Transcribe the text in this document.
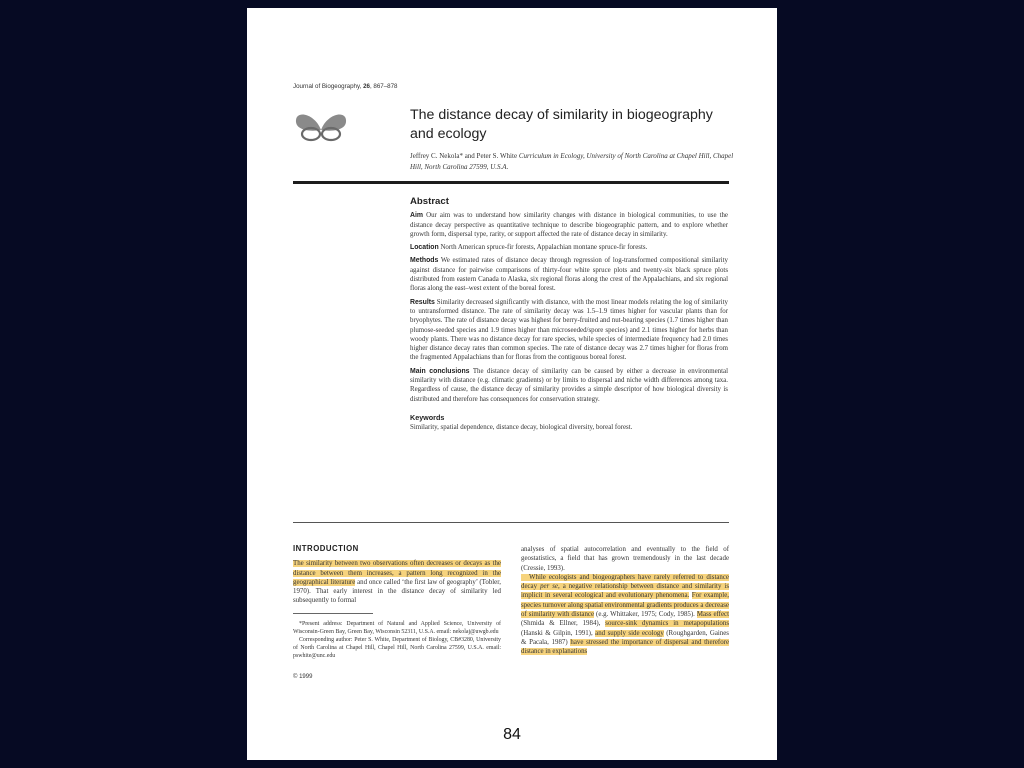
Journal of Biogeography, 26, 867–878
The distance decay of similarity in biogeography and ecology
Jeffrey C. Nekola* and Peter S. White Curriculum in Ecology, University of North Carolina at Chapel Hill, Chapel Hill, North Carolina 27599, U.S.A.
Abstract

Aim Our aim was to understand how similarity changes with distance in biological communities, to use the distance decay perspective as quantitative technique to describe biogeographic pattern, and to explore whether growth form, dispersal type, rarity, or support affected the rate of distance decay in similarity.

Location North American spruce-fir forests, Appalachian montane spruce-fir forests.

Methods We estimated rates of distance decay through regression of log-transformed compositional similarity against distance for pairwise comparisons of thirty-four white spruce plots and twenty-six black spruce plots distributed from eastern Canada to Alaska, six regional floras along the crest of the Appalachians, and six regional floras along the east–west extent of the boreal forest.

Results Similarity decreased significantly with distance, with the most linear models relating the log of similarity to untransformed distance. The rate of similarity decay was 1.5–1.9 times higher for vascular plants than for bryophytes. The rate of distance decay was highest for berry-fruited and nut-bearing species (1.7 times higher than plumose-seeded species and 1.9 times higher than microseeded/spore species) and 2.1 times higher for herbs than woody plants. There was no distance decay for rare species, while species of intermediate frequency had 2.0 times higher distance decay rates than common species. The rate of distance decay was 2.7 times higher for floras from the fragmented Appalachians than for floras from the contiguous boreal forest.

Main conclusions The distance decay of similarity can be caused by either a decrease in environmental similarity with distance (e.g. climatic gradients) or by limits to dispersal and niche width differences among taxa. Regardless of cause, the distance decay of similarity provides a simple descriptor of how biological diversity is distributed and therefore has consequences for conservation strategy.

Keywords

Similarity, spatial dependence, distance decay, biological diversity, boreal forest.

INTRODUCTION

The similarity between two observations often decreases or decays as the distance between them increases, a pattern long recognized in the geographical literature and once called ‘the first law of geography’ (Tobler, 1970). That early interest in the distance decay of similarity led subsequently to formal

*Present address: Department of Natural and Applied Science, University of Wisconsin-Green Bay, Green Bay, Wisconsin 52311, U.S.A. email: nekolaj@uwgb.edu

Corresponding author: Peter S. White, Department of Biology, CB#3280, University of North Carolina at Chapel Hill, Chapel Hill, North Carolina 27599, U.S.A. email: pswhite@unc.edu

© 1999

analyses of spatial autocorrelation and eventually to the field of geostatistics, a field that has grown tremendously in the last decade (Cressie, 1993).

While ecologists and biogeographers have rarely referred to distance decay per se, a negative relationship between distance and similarity is implicit in several ecological and evolutionary phenomena. For example, species turnover along spatial environmental gradients produces a decrease of similarity with distance (e.g. Whittaker, 1975; Cody, 1985). Mass effect (Shmida & Ellner, 1984), source-sink dynamics in metapopulations (Hanski & Gilpin, 1991), and supply side ecology (Roughgarden, Gaines & Pacala, 1987) have stressed the importance of dispersal and therefore distance in explanations

84
